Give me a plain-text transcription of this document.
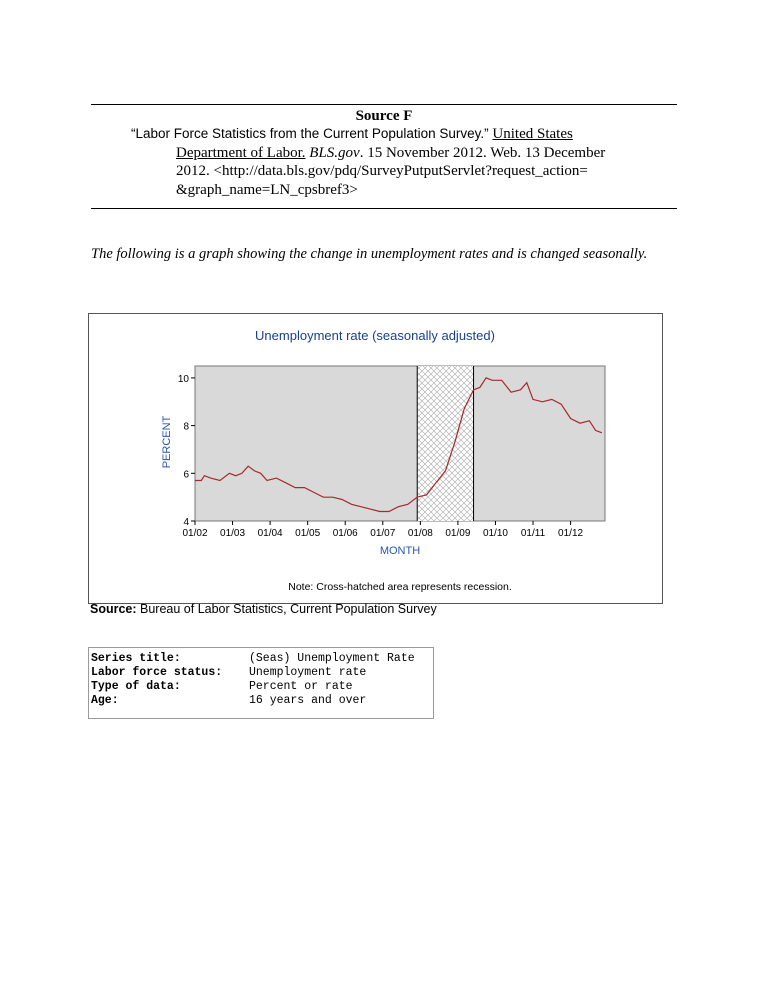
Source F
“Labor Force Statistics from the Current Population Survey.” United States
Department of Labor. BLS.gov. 15 November 2012. Web. 13 December
2012. <http://data.bls.gov/pdq/SurveyPutputServlet?request_action=
&graph_name=LN_cpsbref3>
The following is a graph showing the change in unemployment rates and is changed seasonally.
Unemployment rate (seasonally adjusted)
4
6
8
10
01/02 01/03 01/04 01/05 01/06 01/07 01/08 01/09 01/10 01/11 01/12
PERCENT
MONTH
Note: Cross-hatched area represents recession.
Source: Bureau of Labor Statistics, Current Population Survey
Series title:	(Seas) Unemployment Rate
Labor force status: Unemployment rate
Type of data:	Percent or rate
Age:	16 years and over
